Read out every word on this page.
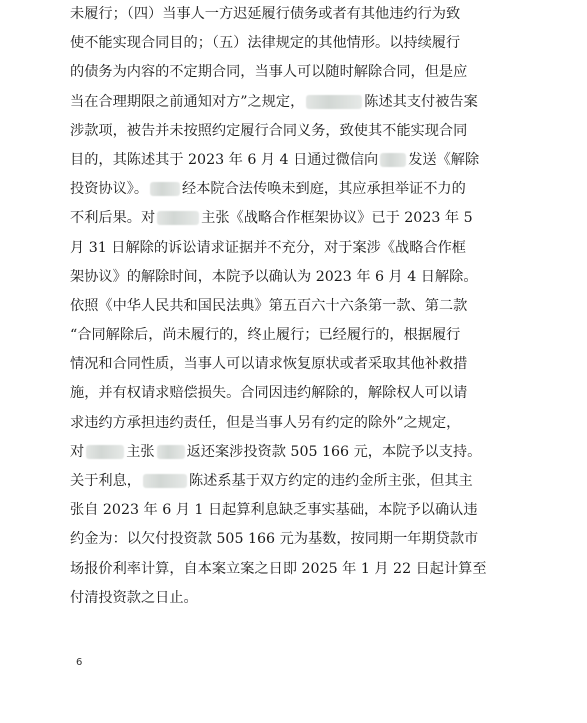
未履行；（四）当事人一方迟延履行债务或者有其他违约行为致
使不能实现合同目的；（五）法律规定的其他情形。以持续履行
的债务为内容的不定期合同，当事人可以随时解除合同，但是应
当在合理期限之前通知对方”之规定，	陈述其支付被告案
涉款项，被告并未按照约定履行合同义务，致使其不能实现合同
目的，其陈述其于 2023 年 6 月 4 日通过微信向 发送《解除
投资协议》。 经本院合法传唤未到庭，其应承担举证不力的
不利后果。对	主张《战略合作框架协议》已于 2023 年 5
月 31 日解除的诉讼请求证据并不充分，对于案涉《战略合作框
架协议》的解除时间，本院予以确认为 2023 年 6 月 4 日解除。
依照《中华人民共和国民法典》第五百六十六条第一款、第二款
“合同解除后，尚未履行的，终止履行；已经履行的，根据履行
情况和合同性质，当事人可以请求恢复原状或者采取其他补救措
施，并有权请求赔偿损失。合同因违约解除的，解除权人可以请
求违约方承担违约责任，但是当事人另有约定的除外”之规定，
对	主张 返还案涉投资款 505 166 元，本院予以支持。
关于利息，	陈述系基于双方约定的违约金所主张，但其主
张自 2023 年 6 月 1 日起算利息缺乏事实基础，本院予以确认违
约金为：以欠付投资款 505 166 元为基数，按同期一年期贷款市
场报价利率计算，自本案立案之日即 2025 年 1 月 22 日起计算至
付清投资款之日止。
6
